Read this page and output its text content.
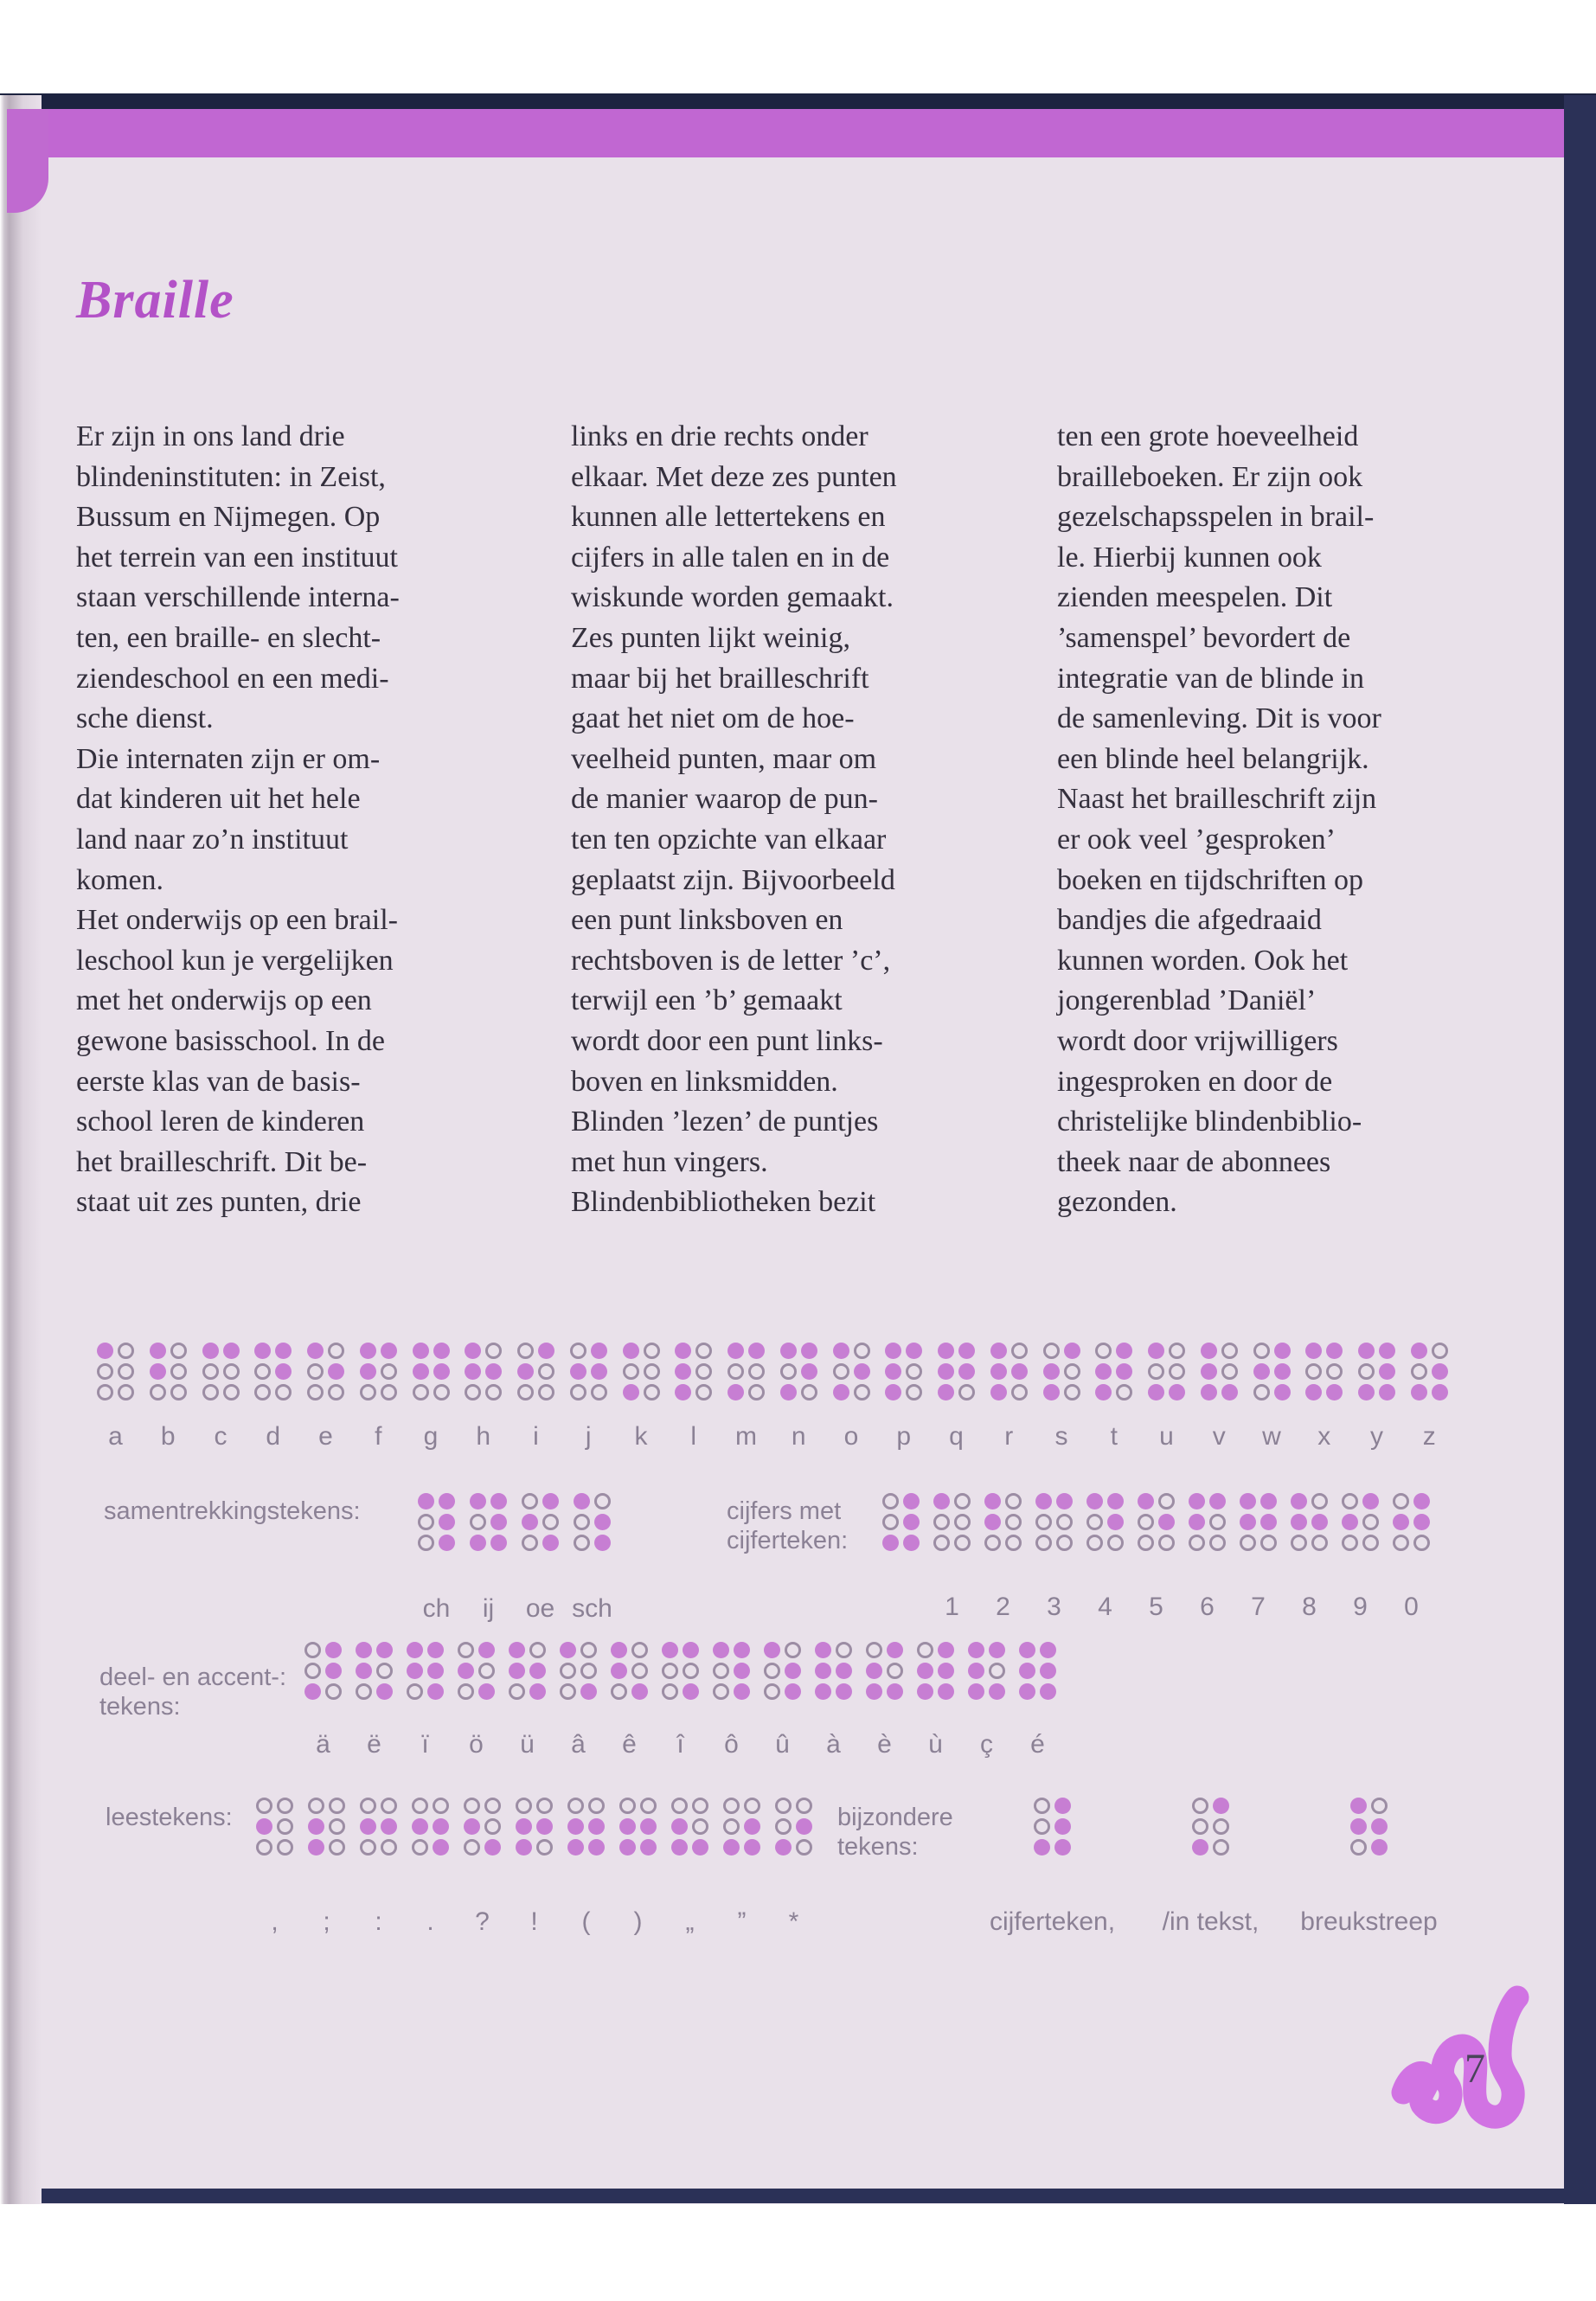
Braille
Er zijn in ons land drie
blindeninstituten: in Zeist,
Bussum en Nijmegen. Op
het terrein van een instituut
staan verschillende interna-
ten, een braille- en slecht-
ziendeschool en een medi-
sche dienst.
Die internaten zijn er om-
dat kinderen uit het hele
land naar zo’n instituut
komen.
Het onderwijs op een brail-
leschool kun je vergelijken
met het onderwijs op een
gewone basisschool. In de
eerste klas van de basis-
school leren de kinderen
het brailleschrift. Dit be-
staat uit zes punten, drie
links en drie rechts onder
elkaar. Met deze zes punten
kunnen alle lettertekens en
cijfers in alle talen en in de
wiskunde worden gemaakt.
Zes punten lijkt weinig,
maar bij het brailleschrift
gaat het niet om de hoe-
veelheid punten, maar om
de manier waarop de pun-
ten ten opzichte van elkaar
geplaatst zijn. Bijvoorbeeld
een punt linksboven en
rechtsboven is de letter ’c’,
terwijl een ’b’ gemaakt
wordt door een punt links-
boven en linksmidden.
Blinden ’lezen’ de puntjes
met hun vingers.
Blindenbibliotheken bezit
ten een grote hoeveelheid
brailleboeken. Er zijn ook
gezelschapsspelen in brail-
le. Hierbij kunnen ook
zienden meespelen. Dit
’samenspel’ bevordert de
integratie van de blinde in
de samenleving. Dit is voor
een blinde heel belangrijk.
Naast het brailleschrift zijn
er ook veel ’gesproken’
boeken en tijdschriften op
bandjes die afgedraaid
kunnen worden. Ook het
jongerenblad ’Daniël’
wordt door vrijwilligers
ingesproken en door de
christelijke blindenbiblio-
theek naar de abonnees
gezonden.
a b c d e f g h i j k l m n o p q r s t u v w x y z
samentrekkingstekens:
ch ij oe sch
cijfers met
cijferteken:
1 2 3 4 5 6 7 8 9 0
deel- en accent-:
tekens:
ä ë ï ö ü â ê î ô û à è ù ç é
leestekens:
, ; : . ? ! ( ) „ ” *
bijzondere
tekens:
cijferteken, /in tekst, breukstreep
7
